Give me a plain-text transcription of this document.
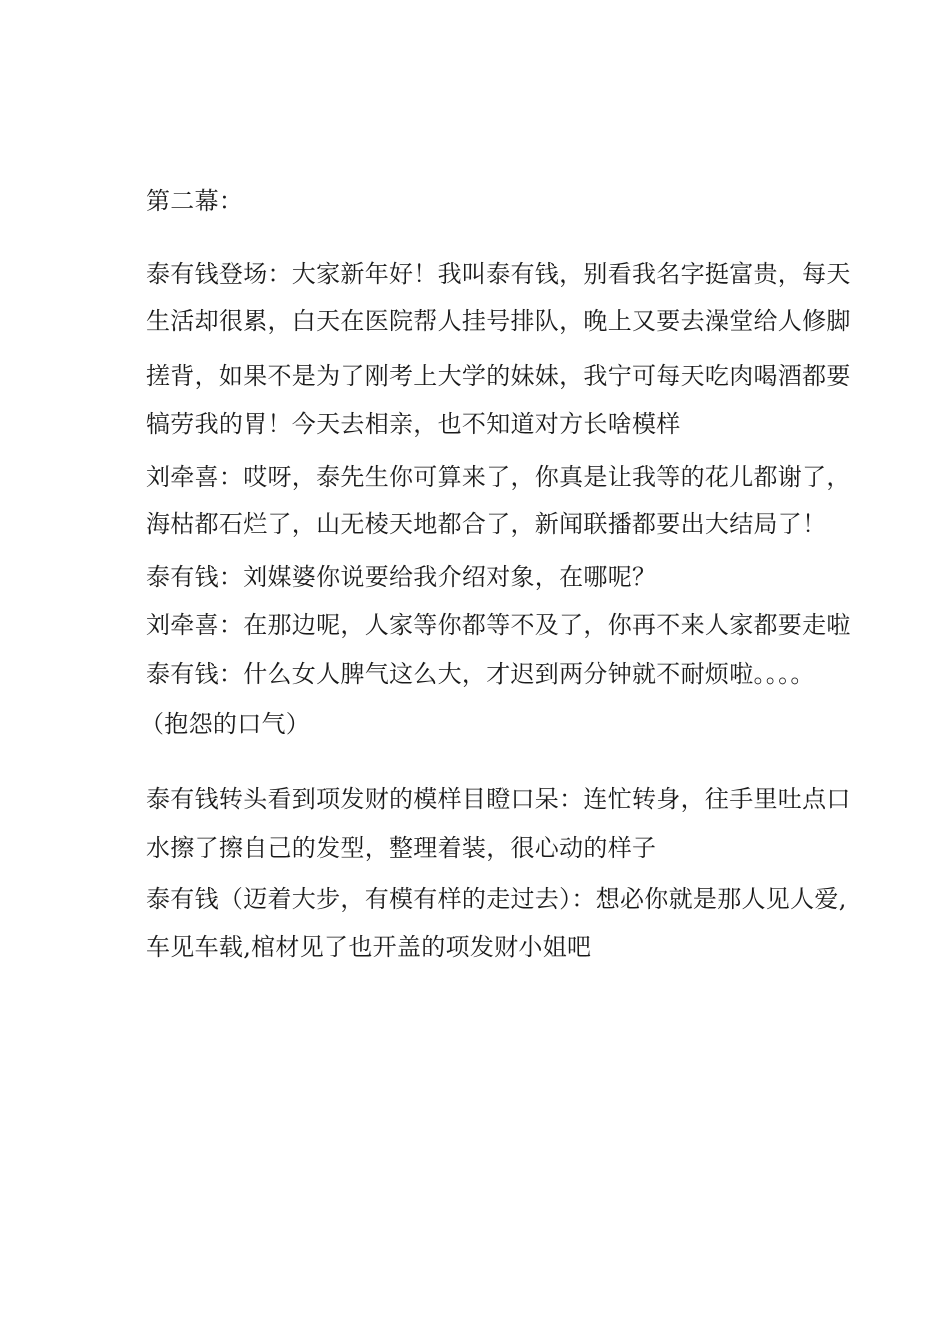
第二幕：
泰有钱登场：大家新年好！我叫泰有钱，别看我名字挺富贵，每天
生活却很累，白天在医院帮人挂号排队，晚上又要去澡堂给人修脚
搓背，如果不是为了刚考上大学的妹妹，我宁可每天吃肉喝酒都要
犒劳我的胃！今天去相亲，也不知道对方长啥模样
刘牵喜：哎呀，泰先生你可算来了，你真是让我等的花儿都谢了，
海枯都石烂了，山无棱天地都合了，新闻联播都要出大结局了！
泰有钱：刘媒婆你说要给我介绍对象，在哪呢？
刘牵喜：在那边呢，人家等你都等不及了，你再不来人家都要走啦
泰有钱：什么女人脾气这么大，才迟到两分钟就不耐烦啦。。。。
（抱怨的口气）
泰有钱转头看到项发财的模样目瞪口呆：连忙转身，往手里吐点口
水擦了擦自己的发型，整理着装，很心动的样子
泰有钱（迈着大步，有模有样的走过去）：想必你就是那人见人爱,
车见车载,棺材见了也开盖的项发财小姐吧
